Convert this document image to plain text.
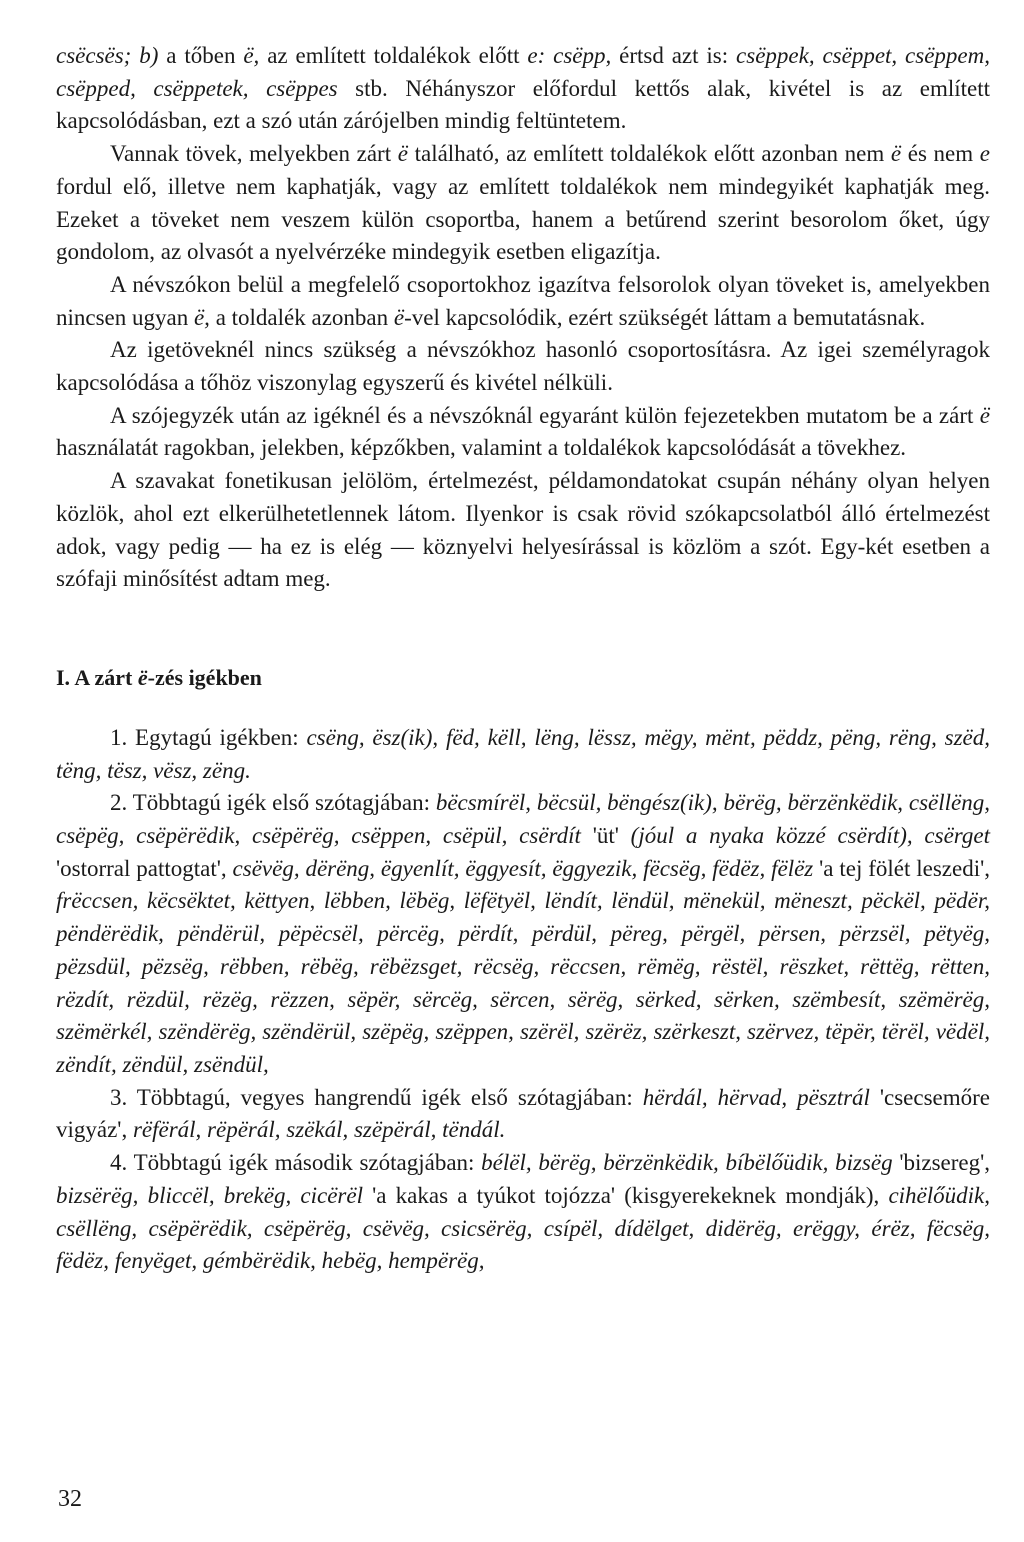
csëcsës; b) a tőben ë, az említett toldalékok előtt e: csëpp, értsd azt is: csëppek, csëppet, csëppem, csëpped, csëppetek, csëppes stb. Néhányszor előfordul kettős alak, kivétel is az említett kapcsolódásban, ezt a szó után zárójelben mindig feltüntetem.

Vannak tövek, melyekben zárt ë található, az említett toldalékok előtt azonban nem ë és nem e fordul elő, illetve nem kaphatják, vagy az említett toldalékok nem mindegyikét kaphatják meg. Ezeket a töveket nem veszem külön csoportba, hanem a betűrend szerint besorolom őket, úgy gondolom, az olvasót a nyelvérzéke mindegyik esetben eligazítja.

A névszókon belül a megfelelő csoportokhoz igazítva felsorolok olyan töveket is, amelyekben nincsen ugyan ë, a toldalék azonban ë-vel kapcsolódik, ezért szükségét láttam a bemutatásnak.

Az igetöveknél nincs szükség a névszókhoz hasonló csoportosításra. Az igei személyragok kapcsolódása a tőhöz viszonylag egyszerű és kivétel nélküli.

A szójegyzék után az igéknél és a névszóknál egyaránt külön fejezetekben mutatom be a zárt ë használatát ragokban, jelekben, képzőkben, valamint a toldalékok kapcsolódását a tövekhez.

A szavakat fonetikusan jelölöm, értelmezést, példamondatokat csupán néhány olyan helyen közlök, ahol ezt elkerülhetetlennek látom. Ilyenkor is csak rövid szókapcsolatból álló értelmezést adok, vagy pedig — ha ez is elég — köznyelvi helyesírással is közlöm a szót. Egy-két esetben a szófaji minősítést adtam meg.

I. A zárt ë-zés igékben

1. Egytagú igékben: csëng, ësz(ik), fëd, këll, lëng, lëssz, mëgy, mënt, pëddz, pëng, rëng, szëd, tëng, tësz, vësz, zëng.

2. Többtagú igék első szótagjában: bëcsmírël, bëcsül, bëngész(ik), bërëg, bërzënkëdik, csëllëng, csëpëg, csëpërëdik, csëpërëg, csëppen, csëpül, csërdít 'üt' (jóul a nyaka közzé csërdít), csërget 'ostorral pattogtat', csëvëg, dërëng, ëgyenlít, ëggyesít, ëggyezik, fëcsëg, fëdëz, fëlëz 'a tej fölét leszedi', frëccsen, këcsëktet, këttyen, lëbben, lëbëg, lëfëtyël, lëndít, lëndül, mënekül, mëneszt, pëckël, pëdër, pëndërëdik, pëndërül, pëpëcsël, përcëg, përdít, përdül, përeg, përgël, përsen, përzsël, pëtyëg, pëzsdül, pëzsëg, rëbben, rëbëg, rëbëzsget, rëcsëg, rëccsen, rëmëg, rëstël, rëszket, rëttëg, rëtten, rëzdít, rëzdül, rëzëg, rëzzen, sëpër, sërcëg, sërcen, sërëg, sërked, sërken, szëmbesít, szëmërëg, szëmërkél, szëndërëg, szëndërül, szëpëg, szëppen, szërël, szërëz, szërkeszt, szërvez, tëpër, tërël, vëdël, zëndít, zëndül, zsëndül,

3. Többtagú, vegyes hangrendű igék első szótagjában: hërdál, hërvad, pësztrál 'csecsemőre vigyáz', rëfërál, rëpërál, szëkál, szëpërál, tëndál.

4. Többtagú igék második szótagjában: bélël, bërëg, bërzënkëdik, bíbëlőüdik, bizsëg 'bizsereg', bizsërëg, bliccël, brekëg, cicërël 'a kakas a tyúkot tojózza' (kisgyerekeknek mondják), cihëlőüdik, csëllëng, csëpërëdik, csëpërëg, csëvëg, csicsërëg, csípël, dídëlget, didërëg, erëggy, érëz, fëcsëg, fëdëz, fenyëget, gémbërëdik, hebëg, hempërëg,

32
